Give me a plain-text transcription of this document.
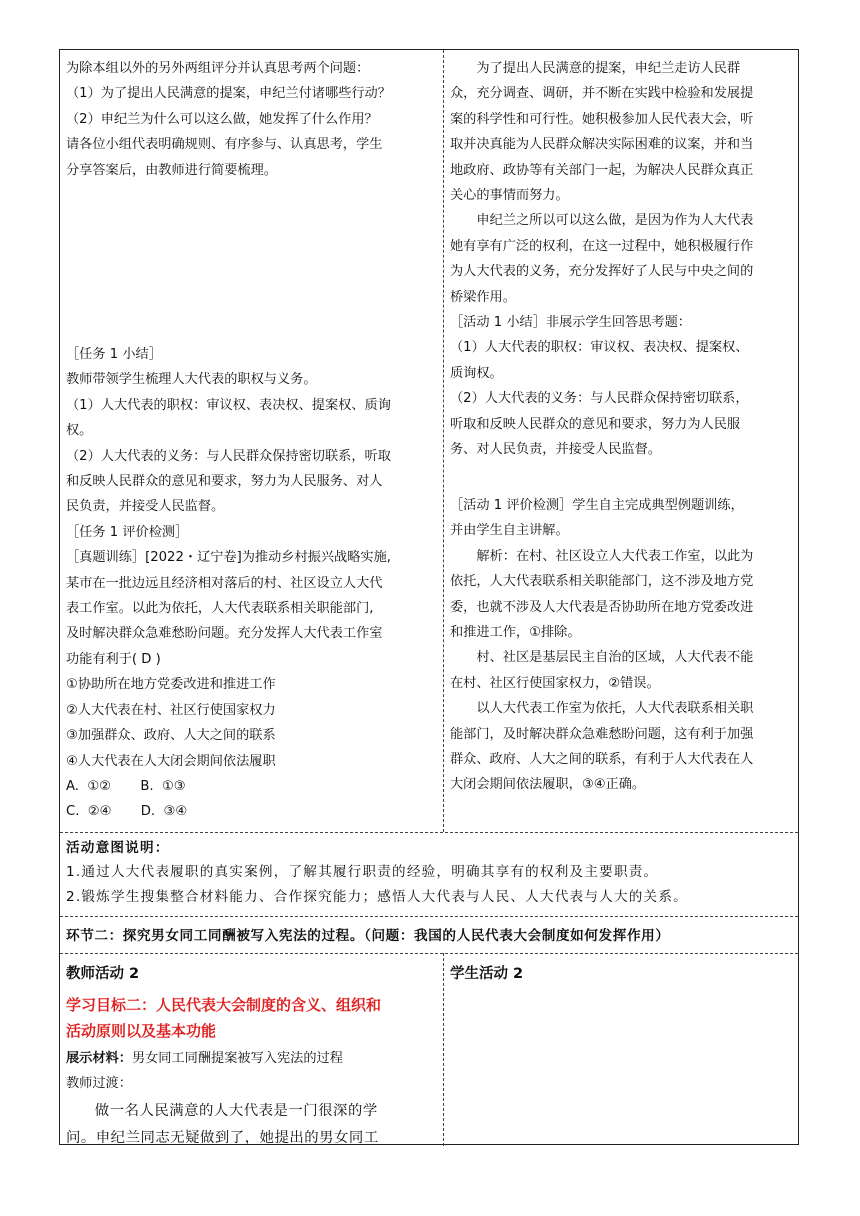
为除本组以外的另外两组评分并认真思考两个问题：

（1）为了提出人民满意的提案，申纪兰付诸哪些行动？

（2）申纪兰为什么可以这么做，她发挥了什么作用？

请各位小组代表明确规则、有序参与、认真思考，学生

分享答案后，由教师进行简要梳理。

［任务 1 小结］

教师带领学生梳理人大代表的职权与义务。

（1）人大代表的职权：审议权、表决权、提案权、质询

权。

（2）人大代表的义务：与人民群众保持密切联系，听取

和反映人民群众的意见和要求，努力为人民服务、对人

民负责，并接受人民监督。

［任务 1 评价检测］

［真题训练］[2022・辽宁卷]为推动乡村振兴战略实施,

某市在一批边远且经济相对落后的村、社区设立人大代

表工作室。以此为依托，人大代表联系相关职能部门,

及时解决群众急难愁盼问题。充分发挥人大代表工作室

功能有利于( D )

①协助所在地方党委改进和推进工作

②人大代表在村、社区行使国家权力

③加强群众、政府、人大之间的联系

④人大代表在人大闭会期间依法履职

A.  ①②       B.  ①③

C.  ②④       D.  ③④

为了提出人民满意的提案，申纪兰走访人民群

众，充分调查、调研，并不断在实践中检验和发展提

案的科学性和可行性。她积极参加人民代表大会，听

取并决真能为人民群众解决实际困难的议案，并和当

地政府、政协等有关部门一起，为解决人民群众真正

关心的事情而努力。

申纪兰之所以可以这么做，是因为作为人大代表

她有享有广泛的权利，在这一过程中，她积极履行作

为人大代表的义务，充分发挥好了人民与中央之间的

桥梁作用。

［活动 1 小结］非展示学生回答思考题：

（1）人大代表的职权：审议权、表决权、提案权、

质询权。

（2）人大代表的义务：与人民群众保持密切联系，

听取和反映人民群众的意见和要求，努力为人民服

务、对人民负责，并接受人民监督。

［活动 1 评价检测］学生自主完成典型例题训练，

并由学生自主讲解。

解析：在村、社区设立人大代表工作室，以此为

依托，人大代表联系相关职能部门，这不涉及地方党

委，也就不涉及人大代表是否协助所在地方党委改进

和推进工作，①排除。

村、社区是基层民主自治的区域，人大代表不能

在村、社区行使国家权力，②错误。

以人大代表工作室为依托，人大代表联系相关职

能部门，及时解决群众急难愁盼问题，这有利于加强

群众、政府、人大之间的联系，有利于人大代表在人

大闭会期间依法履职，③④正确。

活动意图说明：

1.通过人大代表履职的真实案例，了解其履行职责的经验，明确其享有的权利及主要职责。

2.锻炼学生搜集整合材料能力、合作探究能力；感悟人大代表与人民、人大代表与人大的关系。

环节二：探究男女同工同酬被写入宪法的过程。（问题：我国的人民代表大会制度如何发挥作用）

教师活动 2

学习目标二：人民代表大会制度的含义、组织和

活动原则以及基本功能

展示材料：男女同工同酬提案被写入宪法的过程

教师过渡：

做一名人民满意的人大代表是一门很深的学

问。申纪兰同志无疑做到了，她提出的男女同工

学生活动 2
